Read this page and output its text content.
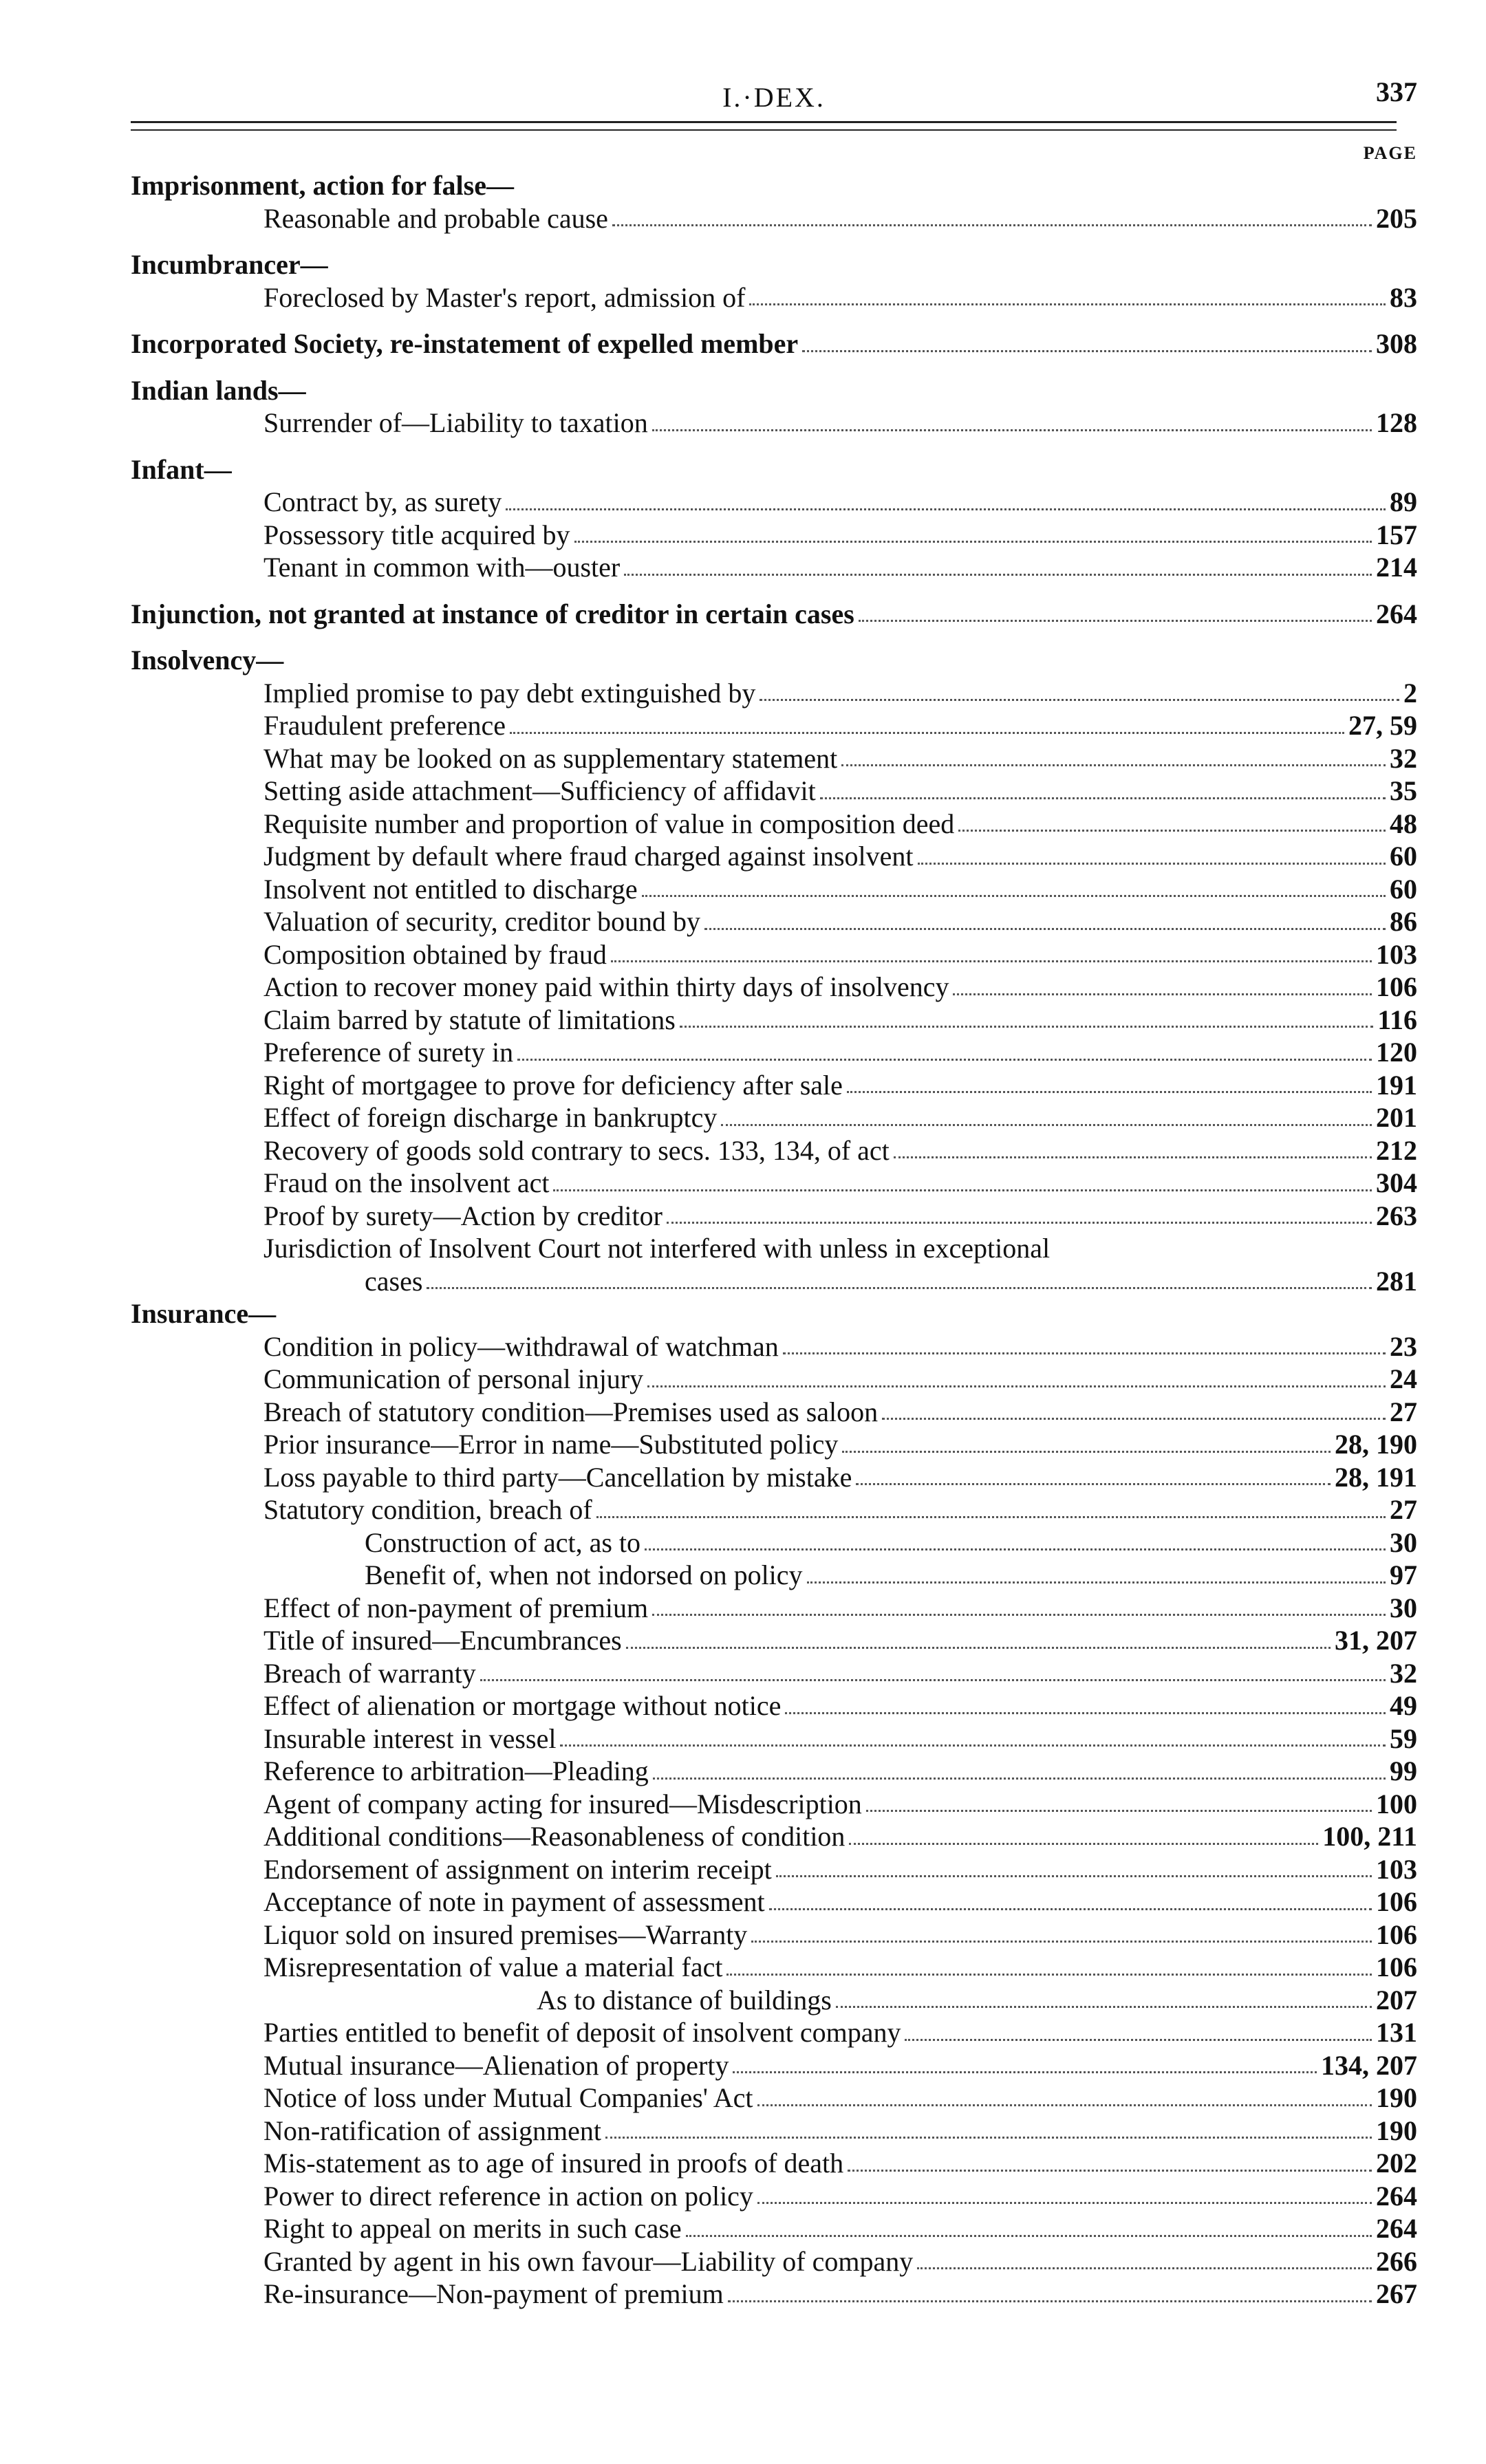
I.·DEX.	337
PAGE
Imprisonment, action for false—
Reasonable and probable cause	205
Incumbrancer—
Foreclosed by Master's report, admission of	83
Incorporated Society, re-instatement of expelled member	308
Indian lands—
Surrender of—Liability to taxation	128
Infant—
Contract by, as surety	89
Possessory title acquired by	157
Tenant in common with—ouster	214
Injunction, not granted at instance of creditor in certain cases	264
Insolvency—
Implied promise to pay debt extinguished by	2
Fraudulent preference	27, 59
What may be looked on as supplementary statement	32
Setting aside attachment—Sufficiency of affidavit	35
Requisite number and proportion of value in composition deed	48
Judgment by default where fraud charged against insolvent	60
Insolvent not entitled to discharge	60
Valuation of security, creditor bound by	86
Composition obtained by fraud	103
Action to recover money paid within thirty days of insolvency	106
Claim barred by statute of limitations	116
Preference of surety in	120
Right of mortgagee to prove for deficiency after sale	191
Effect of foreign discharge in bankruptcy	201
Recovery of goods sold contrary to secs. 133, 134, of act	212
Fraud on the insolvent act	304
Proof by surety—Action by creditor	263
Jurisdiction of Insolvent Court not interfered with unless in exceptional
cases	281
Insurance—
Condition in policy—withdrawal of watchman	23
Communication of personal injury	24
Breach of statutory condition—Premises used as saloon	27
Prior insurance—Error in name—Substituted policy	28, 190
Loss payable to third party—Cancellation by mistake	28, 191
Statutory condition, breach of	27
Construction of act, as to	30
Benefit of, when not indorsed on policy	97
Effect of non-payment of premium	30
Title of insured—Encumbrances	31, 207
Breach of warranty	32
Effect of alienation or mortgage without notice	49
Insurable interest in vessel	59
Reference to arbitration—Pleading	99
Agent of company acting for insured—Misdescription	100
Additional conditions—Reasonableness of condition	100, 211
Endorsement of assignment on interim receipt	103
Acceptance of note in payment of assessment	106
Liquor sold on insured premises—Warranty	106
Misrepresentation of value a material fact	106
As to distance of buildings	207
Parties entitled to benefit of deposit of insolvent company	131
Mutual insurance—Alienation of property	134, 207
Notice of loss under Mutual Companies' Act	190
Non-ratification of assignment	190
Mis-statement as to age of insured in proofs of death	202
Power to direct reference in action on policy	264
Right to appeal on merits in such case	264
Granted by agent in his own favour—Liability of company	266
Re-insurance—Non-payment of premium	267
